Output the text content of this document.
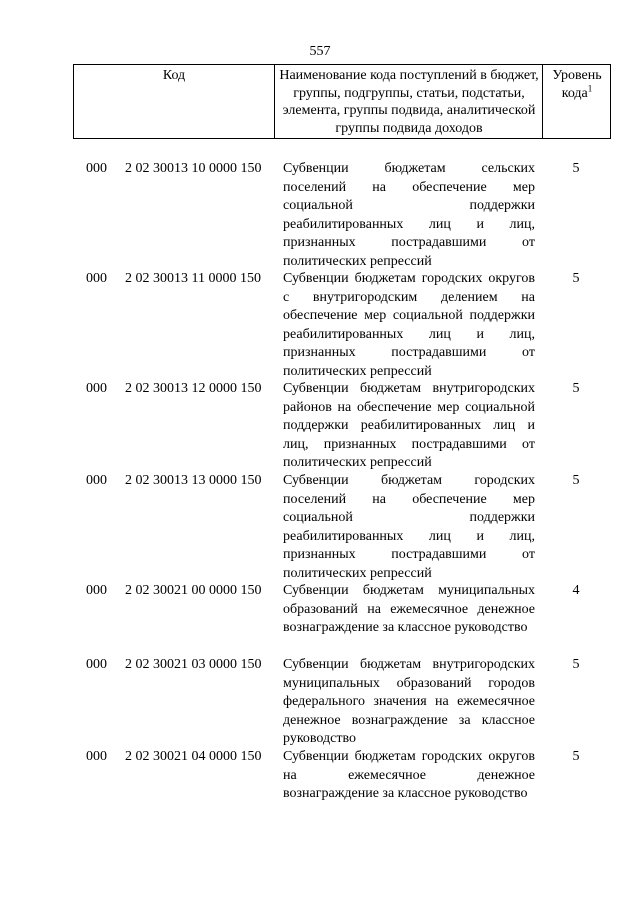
557
Код	Наименование кода поступлений в бюджет, группы, подгруппы, статьи, подстатьи, элемента, группы подвида, аналитической группы подвида доходов
Уровень кода$^1$
000 2 02 30013 10 0000 150 Субвенции бюджетам сельских поселений на обеспечение мер социальной поддержки реабилитированных лиц и лиц, признанных пострадавшими от политических репрессий
5
000 2 02 30013 11 0000 150 Субвенции бюджетам городских округов с внутригородским делением на обеспечение мер социальной поддержки реабилитированных лиц и лиц, признанных пострадавшими от политических репрессий
5
000 2 02 30013 12 0000 150 Субвенции бюджетам внутригородских районов на обеспечение мер социальной поддержки реабилитированных лиц и лиц, признанных пострадавшими от политических репрессий
5
000 2 02 30013 13 0000 150 Субвенции бюджетам городских поселений на обеспечение мер социальной поддержки реабилитированных лиц и лиц, признанных пострадавшими от политических репрессий
5
000 2 02 30021 00 0000 150 Субвенции бюджетам муниципальных образований на ежемесячное денежное вознаграждение за классное руководство
4
000 2 02 30021 03 0000 150 Субвенции бюджетам внутригородских муниципальных образований городов федерального значения на ежемесячное денежное вознаграждение за классное руководство
5
000 2 02 30021 04 0000 150 Субвенции бюджетам городских округов на ежемесячное денежное вознаграждение за классное руководство
5
